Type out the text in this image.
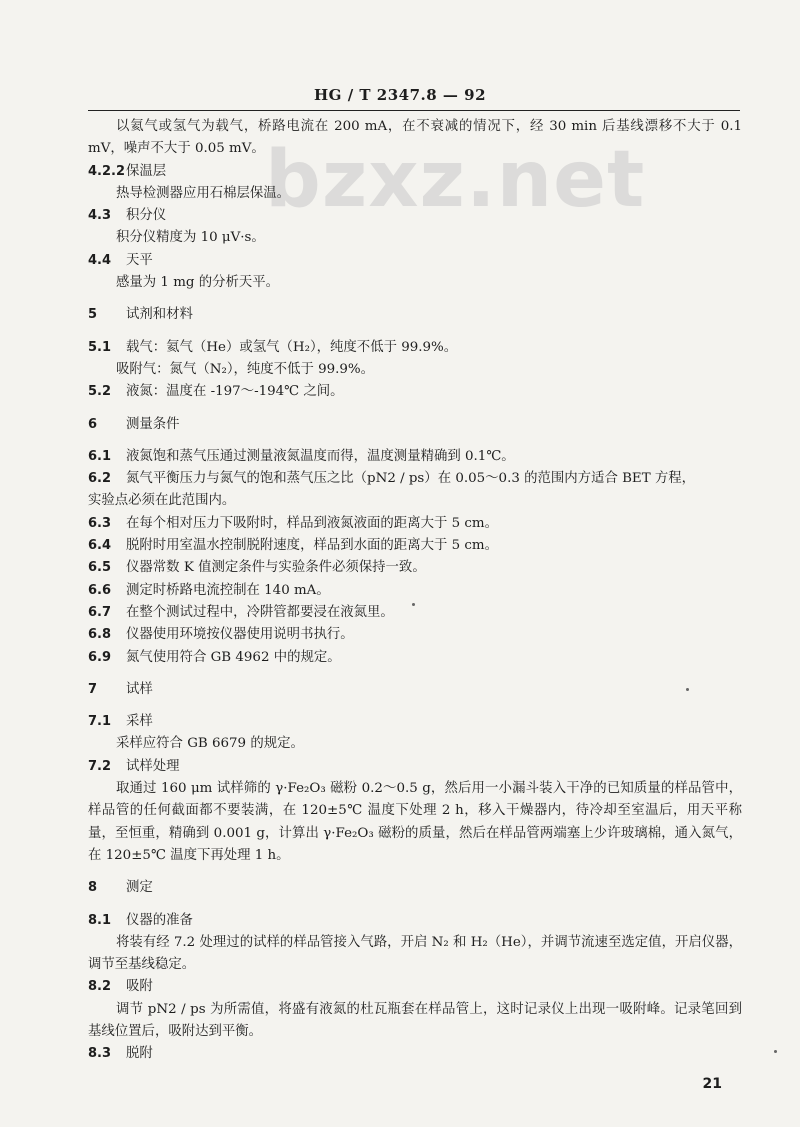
HG / T 2347.8 — 92
bzxz.net
以氦气或氢气为载气，桥路电流在 200 mA，在不衰减的情况下，经 30 min 后基线漂移不大于 0.1 mV，噪声不大于 0.05 mV。
4.2.2保温层
热导检测器应用石棉层保温。
4.3 积分仪
积分仪精度为 10 μV·s。
4.4 天平
感量为 1 mg 的分析天平。
5 试剂和材料
5.1 载气：氦气（He）或氢气（H₂），纯度不低于 99.9%。
吸附气：氮气（N₂），纯度不低于 99.9%。
5.2 液氮：温度在 -197～-194℃ 之间。
6 测量条件
6.1 液氮饱和蒸气压通过测量液氮温度而得，温度测量精确到 0.1℃。
6.2 氮气平衡压力与氮气的饱和蒸气压之比（pN2 / ps）在 0.05～0.3 的范围内方适合 BET 方程，
实验点必须在此范围内。
6.3 在每个相对压力下吸附时，样品到液氮液面的距离大于 5 cm。
6.4 脱附时用室温水控制脱附速度，样品到水面的距离大于 5 cm。
6.5 仪器常数 K 值测定条件与实验条件必须保持一致。
6.6 测定时桥路电流控制在 140 mA。
6.7 在整个测试过程中，冷阱管都要浸在液氮里。
6.8 仪器使用环境按仪器使用说明书执行。
6.9 氮气使用符合 GB 4962 中的规定。
7 试样
7.1 采样
采样应符合 GB 6679 的规定。
7.2 试样处理
取通过 160 μm 试样筛的 γ·Fe₂O₃ 磁粉 0.2～0.5 g，然后用一小漏斗装入干净的已知质量的样品管中，样品管的任何截面都不要装满，在 120±5℃ 温度下处理 2 h，移入干燥器内，待冷却至室温后，用天平称量，至恒重，精确到 0.001 g，计算出 γ·Fe₂O₃ 磁粉的质量，然后在样品管两端塞上少许玻璃棉，通入氮气，在 120±5℃ 温度下再处理 1 h。
8 测定
8.1 仪器的准备
将装有经 7.2 处理过的试样的样品管接入气路，开启 N₂ 和 H₂（He），并调节流速至选定值，开启仪器，调节至基线稳定。
8.2 吸附
调节 pN2 / ps 为所需值，将盛有液氮的杜瓦瓶套在样品管上，这时记录仪上出现一吸附峰。记录笔回到基线位置后，吸附达到平衡。
8.3 脱附
21
